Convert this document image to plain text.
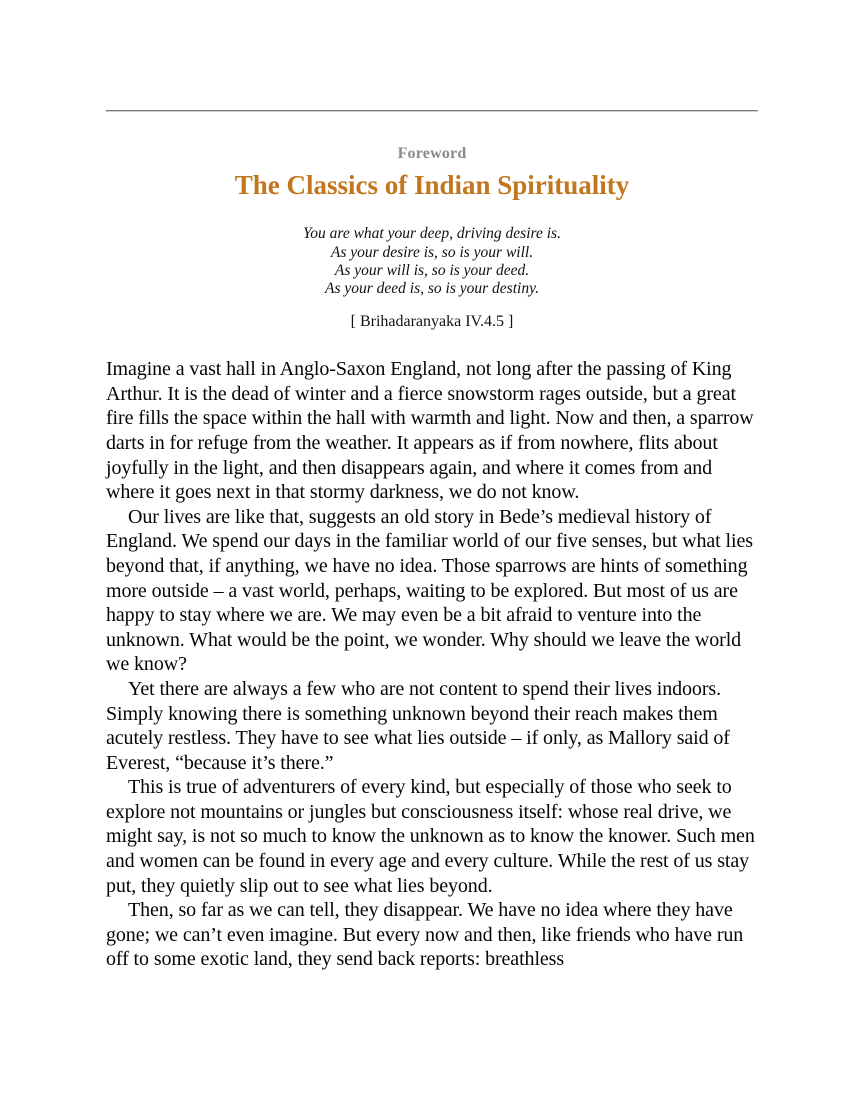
Foreword
The Classics of Indian Spirituality
You are what your deep, driving desire is.
As your desire is, so is your will.
As your will is, so is your deed.
As your deed is, so is your destiny.
[ Brihadaranyaka IV.4.5 ]

Imagine a vast hall in Anglo-Saxon England, not long after the passing of King Arthur. It is the dead of winter and a fierce snowstorm rages outside, but a great fire fills the space within the hall with warmth and light. Now and then, a sparrow darts in for refuge from the weather. It appears as if from nowhere, flits about joyfully in the light, and then disappears again, and where it comes from and where it goes next in that stormy darkness, we do not know.

Our lives are like that, suggests an old story in Bede’s medieval history of England. We spend our days in the familiar world of our five senses, but what lies beyond that, if anything, we have no idea. Those sparrows are hints of something more outside – a vast world, perhaps, waiting to be explored. But most of us are happy to stay where we are. We may even be a bit afraid to venture into the unknown. What would be the point, we wonder. Why should we leave the world we know?

Yet there are always a few who are not content to spend their lives indoors. Simply knowing there is something unknown beyond their reach makes them acutely restless. They have to see what lies outside – if only, as Mallory said of Everest, “because it’s there.”

This is true of adventurers of every kind, but especially of those who seek to explore not mountains or jungles but consciousness itself: whose real drive, we might say, is not so much to know the unknown as to know the knower. Such men and women can be found in every age and every culture. While the rest of us stay put, they quietly slip out to see what lies beyond.

Then, so far as we can tell, they disappear. We have no idea where they have gone; we can’t even imagine. But every now and then, like friends who have run off to some exotic land, they send back reports: breathless
